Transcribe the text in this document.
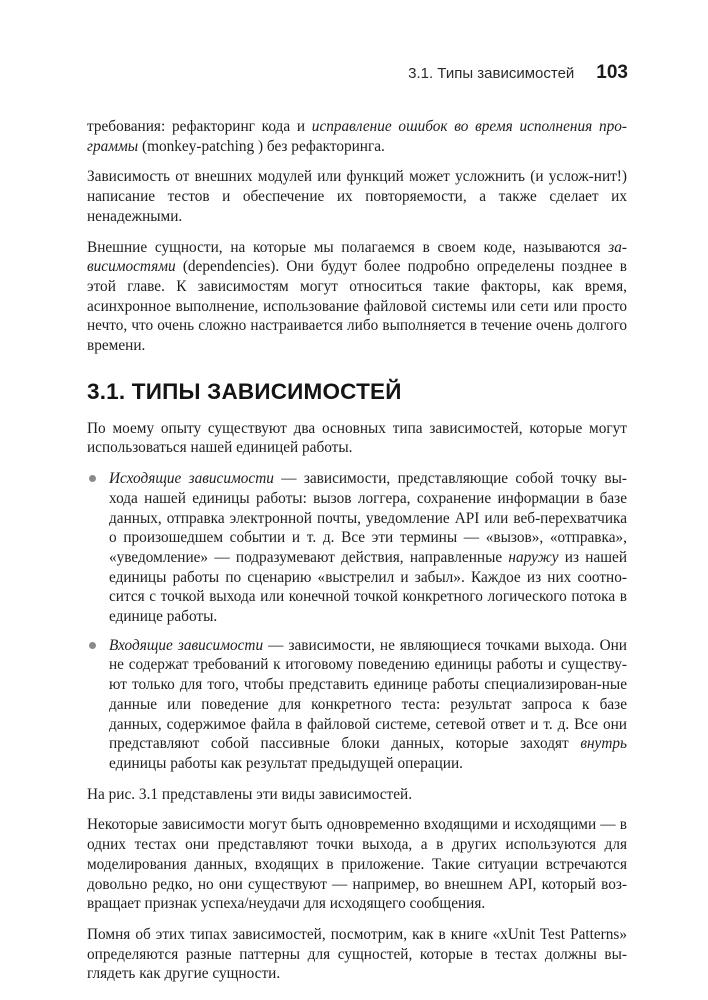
3.1. Типы зависимостей 103

требования: рефакторинг кода и исправление ошибок во время исполнения про-граммы (monkey-patching ) без рефакторинга.

Зависимость от внешних модулей или функций может усложнить (и услож-нит!) написание тестов и обеспечение их повторяемости, а также сделает их ненадежными.

Внешние сущности, на которые мы полагаемся в своем коде, называются за-висимостями (dependencies). Они будут более подробно определены позднее в этой главе. К зависимостям могут относиться такие факторы, как время, асинхронное выполнение, использование файловой системы или сети или просто нечто, что очень сложно настраивается либо выполняется в течение очень долгого времени.

3.1. ТИПЫ ЗАВИСИМОСТЕЙ

По моему опыту существуют два основных типа зависимостей, которые могут использоваться нашей единицей работы.

Исходящие зависимости — зависимости, представляющие собой точку вы-хода нашей единицы работы: вызов логгера, сохранение информации в базе данных, отправка электронной почты, уведомление API или веб-перехватчика о произошедшем событии и т. д. Все эти термины — «вызов», «отправка», «уведомление» — подразумевают действия, направленные наружу из нашей единицы работы по сценарию «выстрелил и забыл». Каждое из них соотно-сится с точкой выхода или конечной точкой конкретного логического потока в единице работы.
Входящие зависимости — зависимости, не являющиеся точками выхода. Они не содержат требований к итоговому поведению единицы работы и существу-ют только для того, чтобы представить единице работы специализирован-ные данные или поведение для конкретного теста: результат запроса к базе данных, содержимое файла в файловой системе, сетевой ответ и т. д. Все они представляют собой пассивные блоки данных, которые заходят внутрь единицы работы как результат предыдущей операции.

На рис. 3.1 представлены эти виды зависимостей.

Некоторые зависимости могут быть одновременно входящими и исходящими — в одних тестах они представляют точки выхода, а в других используются для моделирования данных, входящих в приложение. Такие ситуации встречаются довольно редко, но они существуют — например, во внешнем API, который воз-вращает признак успеха/неудачи для исходящего сообщения.

Помня об этих типах зависимостей, посмотрим, как в книге «xUnit Test Patterns» определяются разные паттерны для сущностей, которые в тестах должны вы-глядеть как другие сущности.
